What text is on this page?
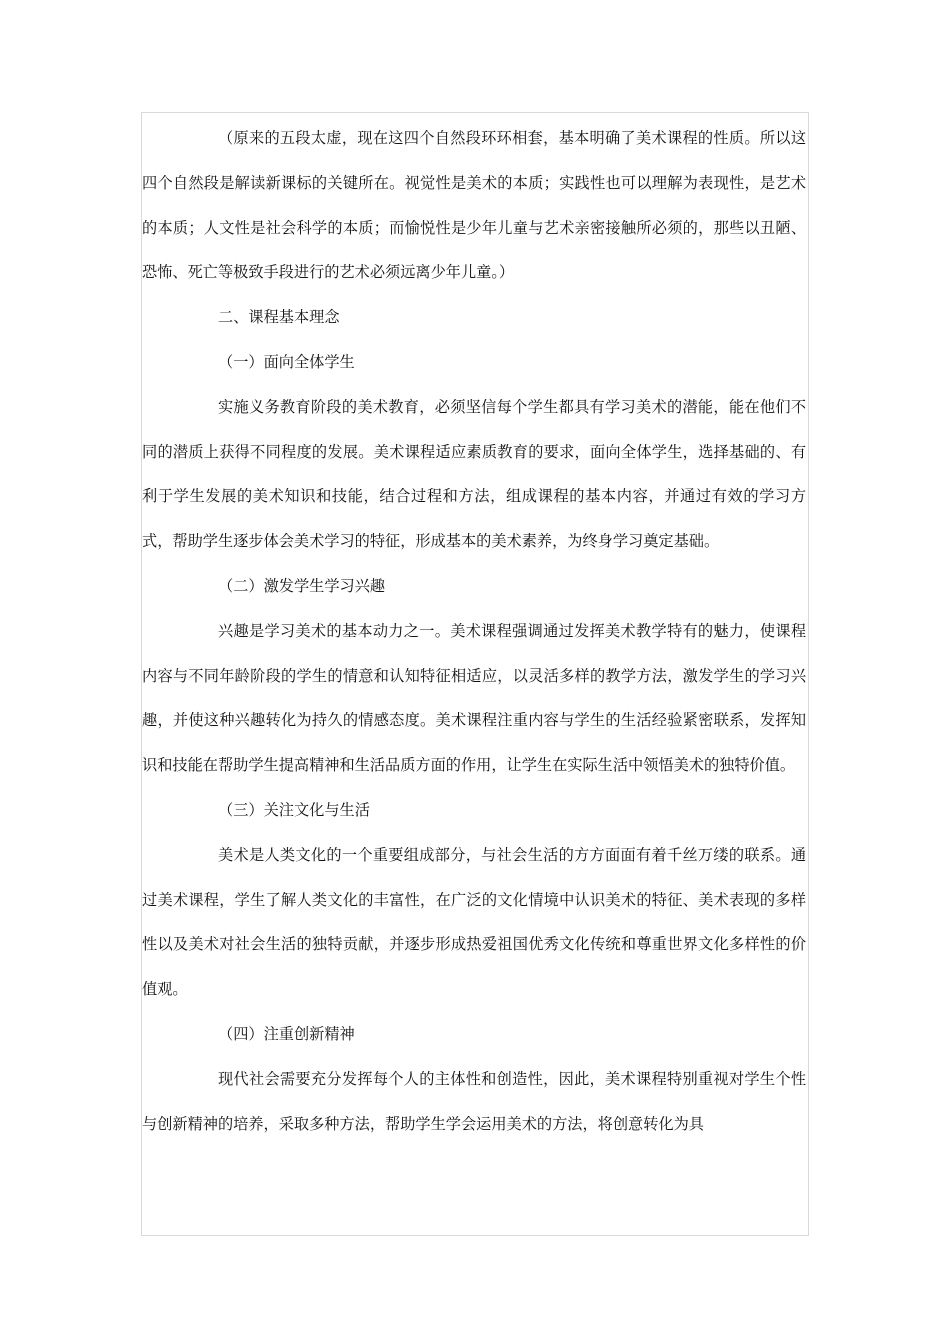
（原来的五段太虚，现在这四个自然段环环相套，基本明确了美术课程的性质。所以这四个自然段是解读新课标的关键所在。视觉性是美术的本质；实践性也可以理解为表现性，是艺术的本质；人文性是社会科学的本质；而愉悦性是少年儿童与艺术亲密接触所必须的，那些以丑陋、恐怖、死亡等极致手段进行的艺术必须远离少年儿童。）

二、课程基本理念

（一）面向全体学生

实施义务教育阶段的美术教育，必须坚信每个学生都具有学习美术的潜能，能在他们不同的潜质上获得不同程度的发展。美术课程适应素质教育的要求，面向全体学生，选择基础的、有利于学生发展的美术知识和技能，结合过程和方法，组成课程的基本内容，并通过有效的学习方式，帮助学生逐步体会美术学习的特征，形成基本的美术素养，为终身学习奠定基础。

（二）激发学生学习兴趣

兴趣是学习美术的基本动力之一。美术课程强调通过发挥美术教学特有的魅力，使课程内容与不同年龄阶段的学生的情意和认知特征相适应，以灵活多样的教学方法，激发学生的学习兴趣，并使这种兴趣转化为持久的情感态度。美术课程注重内容与学生的生活经验紧密联系，发挥知识和技能在帮助学生提高精神和生活品质方面的作用，让学生在实际生活中领悟美术的独特价值。

（三）关注文化与生活

美术是人类文化的一个重要组成部分，与社会生活的方方面面有着千丝万缕的联系。通过美术课程，学生了解人类文化的丰富性，在广泛的文化情境中认识美术的特征、美术表现的多样性以及美术对社会生活的独特贡献，并逐步形成热爱祖国优秀文化传统和尊重世界文化多样性的价值观。

（四）注重创新精神

现代社会需要充分发挥每个人的主体性和创造性，因此，美术课程特别重视对学生个性与创新精神的培养，采取多种方法，帮助学生学会运用美术的方法，将创意转化为具
